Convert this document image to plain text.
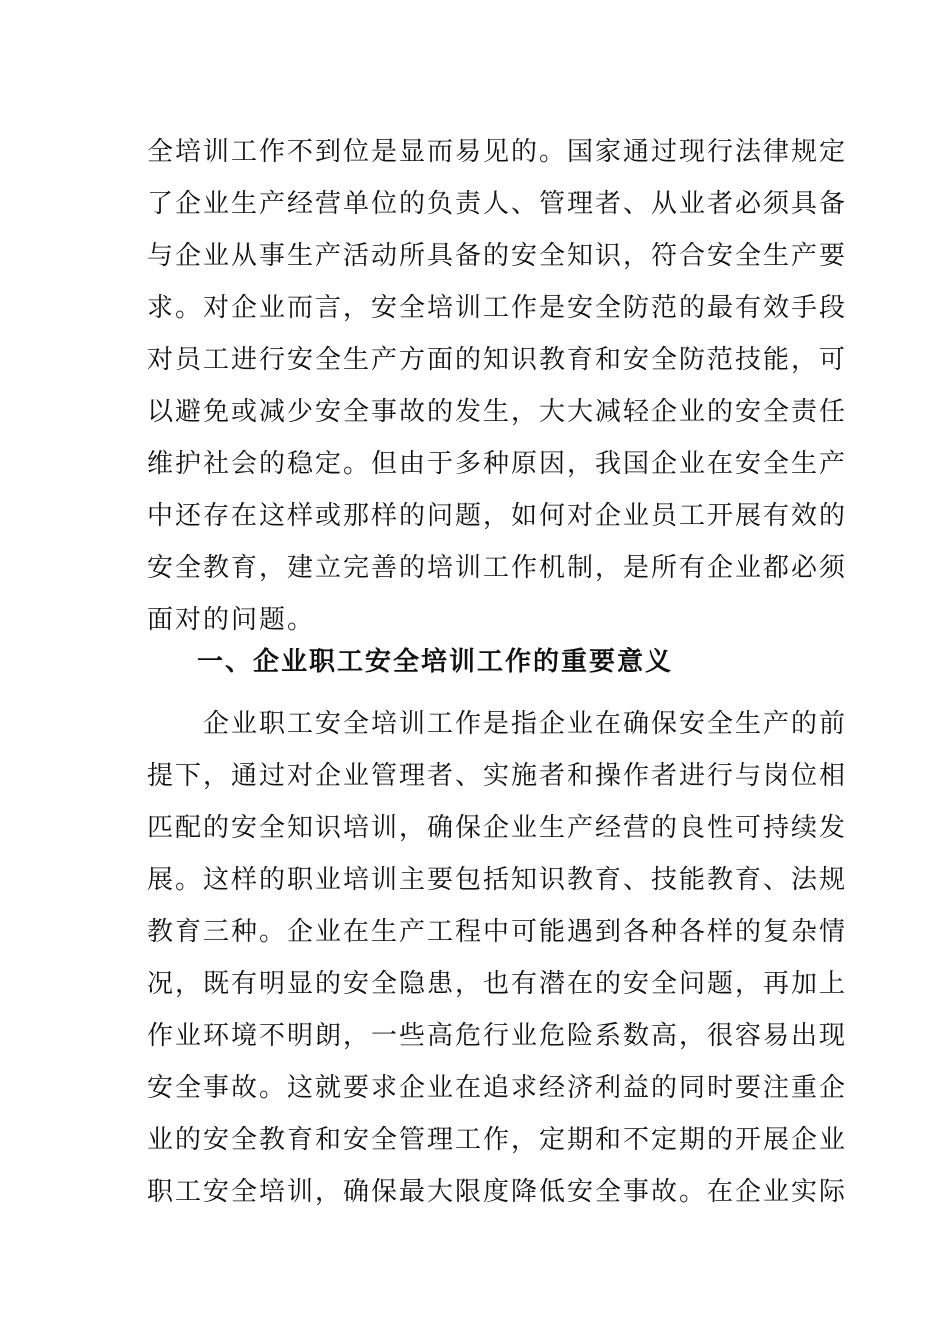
全培训工作不到位是显而易见的。国家通过现行法律规定
了企业生产经营单位的负责人、管理者、从业者必须具备
与企业从事生产活动所具备的安全知识，符合安全生产要
求。对企业而言，安全培训工作是安全防范的最有效手段
对员工进行安全生产方面的知识教育和安全防范技能，可
以避免或减少安全事故的发生，大大减轻企业的安全责任
维护社会的稳定。但由于多种原因，我国企业在安全生产
中还存在这样或那样的问题，如何对企业员工开展有效的
安全教育，建立完善的培训工作机制，是所有企业都必须
面对的问题。
一、企业职工安全培训工作的重要意义
　　企业职工安全培训工作是指企业在确保安全生产的前
提下，通过对企业管理者、实施者和操作者进行与岗位相
匹配的安全知识培训，确保企业生产经营的良性可持续发
展。这样的职业培训主要包括知识教育、技能教育、法规
教育三种。企业在生产工程中可能遇到各种各样的复杂情
况，既有明显的安全隐患，也有潜在的安全问题，再加上
作业环境不明朗，一些高危行业危险系数高，很容易出现
安全事故。这就要求企业在追求经济利益的同时要注重企
业的安全教育和安全管理工作，定期和不定期的开展企业
职工安全培训，确保最大限度降低安全事故。在企业实际
